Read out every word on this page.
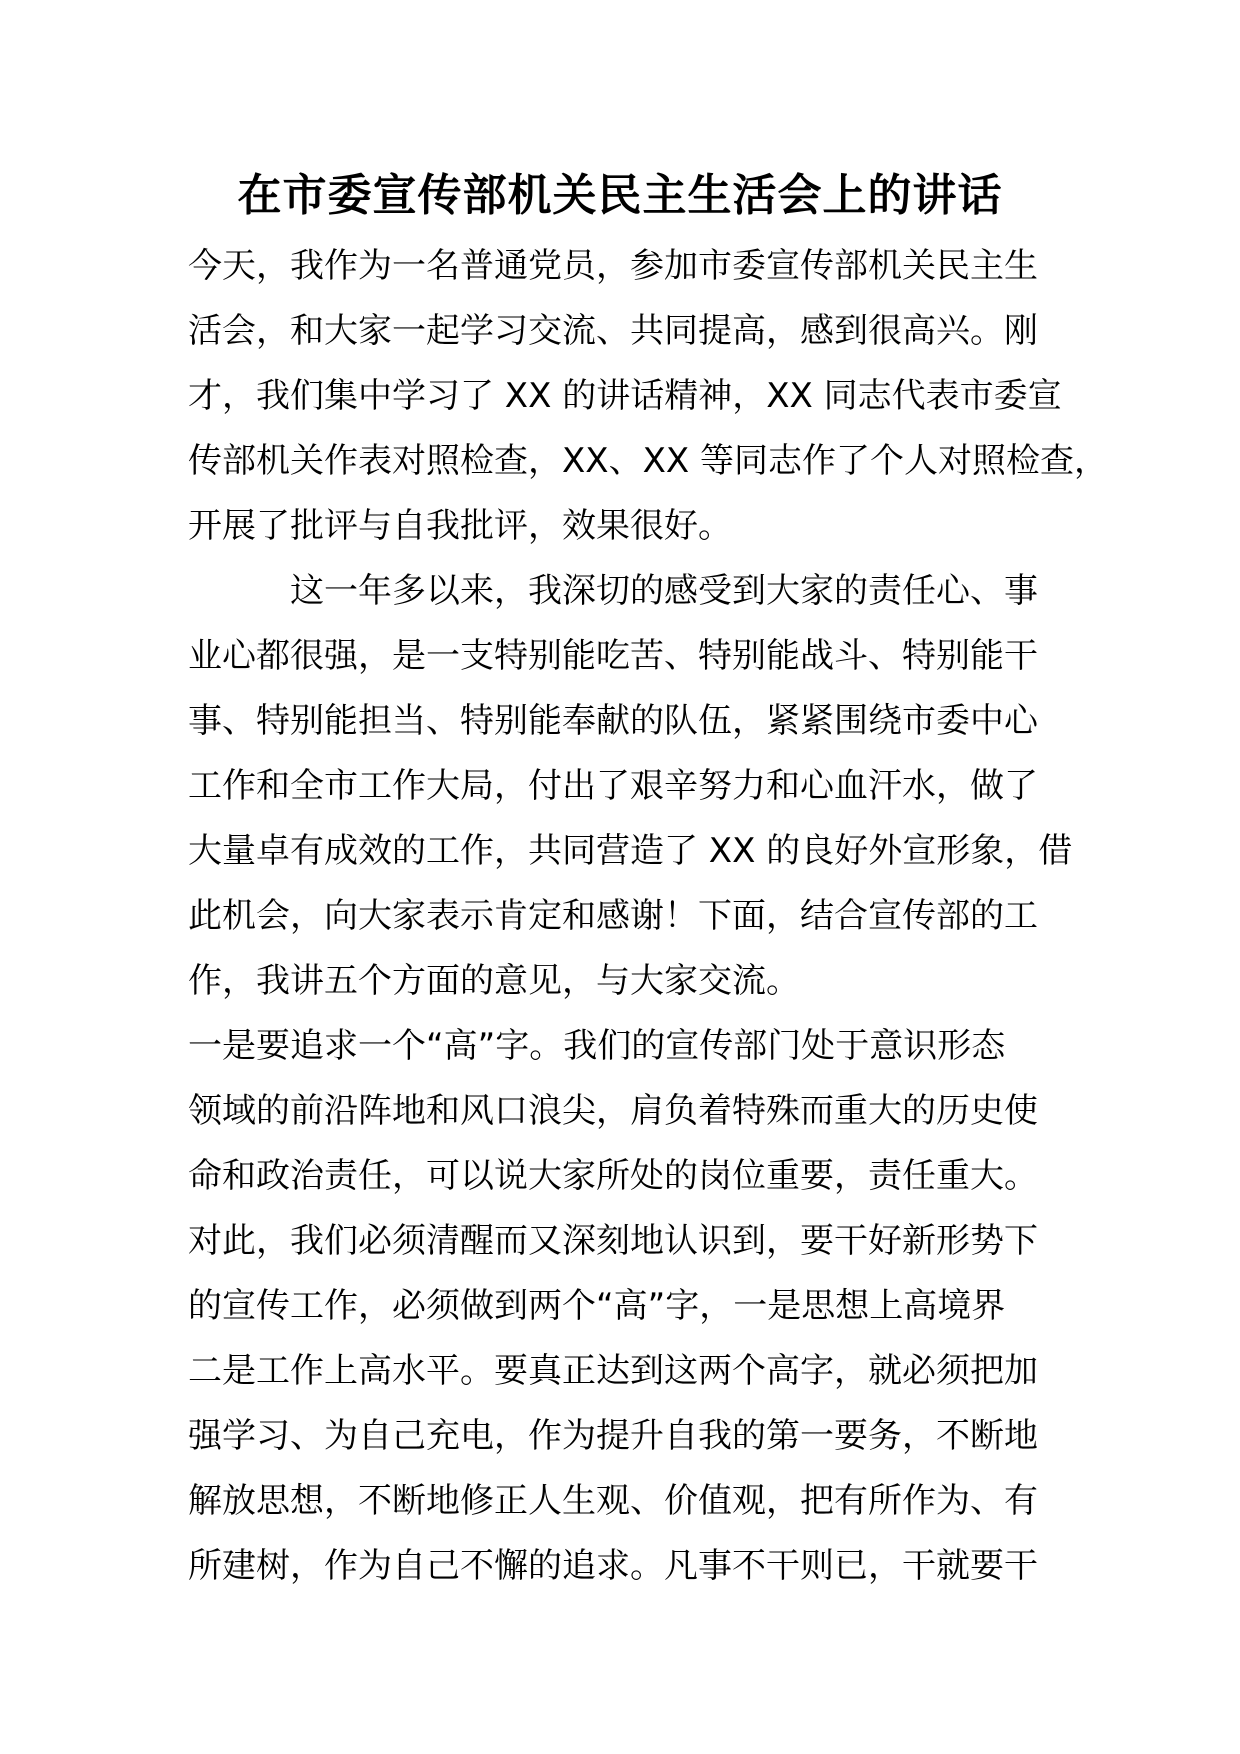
在市委宣传部机关民主生活会上的讲话
今天，我作为一名普通党员，参加市委宣传部机关民主生
活会，和大家一起学习交流、共同提高，感到很高兴。刚
才，我们集中学习了 XX 的讲话精神，XX 同志代表市委宣
传部机关作表对照检查，XX、XX 等同志作了个人对照检查，
开展了批评与自我批评，效果很好。
　　　这一年多以来，我深切的感受到大家的责任心、事
业心都很强，是一支特别能吃苦、特别能战斗、特别能干
事、特别能担当、特别能奉献的队伍，紧紧围绕市委中心
工作和全市工作大局，付出了艰辛努力和心血汗水，做了
大量卓有成效的工作，共同营造了 XX 的良好外宣形象，借
此机会，向大家表示肯定和感谢！下面，结合宣传部的工
作，我讲五个方面的意见，与大家交流。
一是要追求一个“高”字。我们的宣传部门处于意识形态
领域的前沿阵地和风口浪尖，肩负着特殊而重大的历史使
命和政治责任，可以说大家所处的岗位重要，责任重大。
对此，我们必须清醒而又深刻地认识到，要干好新形势下
的宣传工作，必须做到两个“高”字，一是思想上高境界
二是工作上高水平。要真正达到这两个高字，就必须把加
强学习、为自己充电，作为提升自我的第一要务，不断地
解放思想，不断地修正人生观、价值观，把有所作为、有
所建树，作为自己不懈的追求。凡事不干则已，干就要干
